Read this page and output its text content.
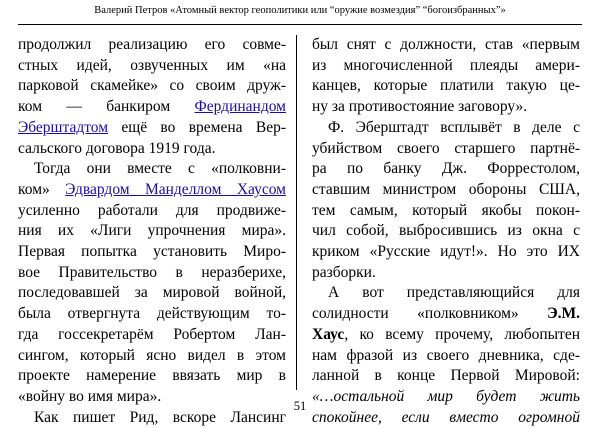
Валерий Петров «Атомный вектор геополитики или “оружие возмездия” “богоизбранных”»
продолжил реализацию его совме-
стных идей, озвученных им «на
парковой скамейке» со своим друж-
ком — банкиром Фердинандом
Эберштадтом ещё во времена Вер-
сальского договора 1919 года.
Тогда они вместе с «полковни-
ком» Эдвардом Манделлом Хаусом
усиленно работали для продвиже-
ния их «Лиги упрочнения мира».
Первая попытка установить Миро-
вое Правительство в неразберихе,
последовавшей за мировой войной,
была отвергнута действующим то-
гда госсекретарём Робертом Лан-
сингом, который ясно видел в этом
проекте намерение ввязать мир в
«войну во имя мира».
Как пишет Рид, вскоре Лансинг
был снят с должности, став «первым
из многочисленной плеяды амери-
канцев, которые платили такую це-
ну за противостояние заговору».
Ф. Эберштадт всплывёт в деле с
убийством своего старшего партнё-
ра по банку Дж. Форрестолом,
ставшим министром обороны США,
тем самым, который якобы покон-
чил собой, выбросившись из окна с
криком «Русские идут!». Но это ИХ
разборки.
А вот представляющийся для
солидности «полковником» Э.М.
Хаус, ко всему прочему, любопытен
нам фразой из своего дневника, сде-
ланной в конце Первой Мировой:
«…остальной мир будет жить
спокойнее, если вместо огромной
51
